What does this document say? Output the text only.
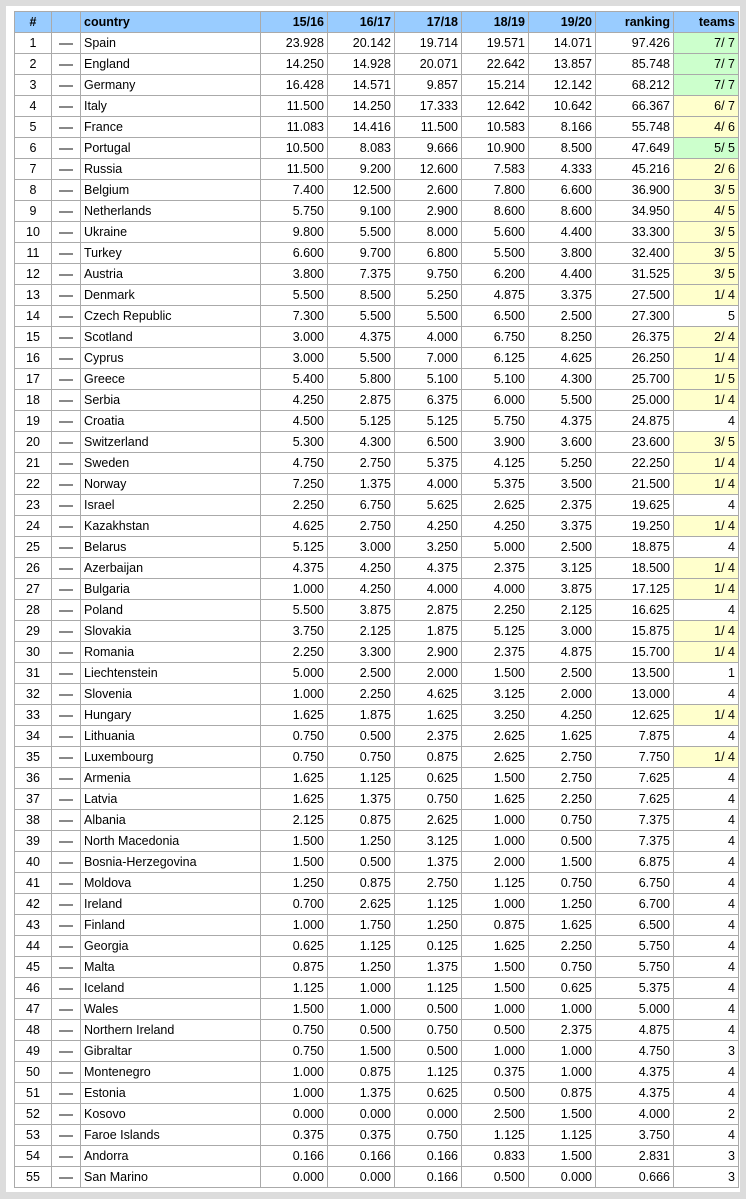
#		country	15/16	16/17	17/18	18/19	19/20	ranking	teams
1		Spain	23.928	20.142	19.714	19.571	14.071	97.426	7/ 7
2		England	14.250	14.928	20.071	22.642	13.857	85.748	7/ 7
3		Germany	16.428	14.571	9.857	15.214	12.142	68.212	7/ 7
4		Italy	11.500	14.250	17.333	12.642	10.642	66.367	6/ 7
5		France	11.083	14.416	11.500	10.583	8.166	55.748	4/ 6
6		Portugal	10.500	8.083	9.666	10.900	8.500	47.649	5/ 5
7		Russia	11.500	9.200	12.600	7.583	4.333	45.216	2/ 6
8		Belgium	7.400	12.500	2.600	7.800	6.600	36.900	3/ 5
9		Netherlands	5.750	9.100	2.900	8.600	8.600	34.950	4/ 5
10		Ukraine	9.800	5.500	8.000	5.600	4.400	33.300	3/ 5
11		Turkey	6.600	9.700	6.800	5.500	3.800	32.400	3/ 5
12		Austria	3.800	7.375	9.750	6.200	4.400	31.525	3/ 5
13		Denmark	5.500	8.500	5.250	4.875	3.375	27.500	1/ 4
14		Czech Republic	7.300	5.500	5.500	6.500	2.500	27.300	5
15		Scotland	3.000	4.375	4.000	6.750	8.250	26.375	2/ 4
16		Cyprus	3.000	5.500	7.000	6.125	4.625	26.250	1/ 4
17		Greece	5.400	5.800	5.100	5.100	4.300	25.700	1/ 5
18		Serbia	4.250	2.875	6.375	6.000	5.500	25.000	1/ 4
19		Croatia	4.500	5.125	5.125	5.750	4.375	24.875	4
20		Switzerland	5.300	4.300	6.500	3.900	3.600	23.600	3/ 5
21		Sweden	4.750	2.750	5.375	4.125	5.250	22.250	1/ 4
22		Norway	7.250	1.375	4.000	5.375	3.500	21.500	1/ 4
23		Israel	2.250	6.750	5.625	2.625	2.375	19.625	4
24		Kazakhstan	4.625	2.750	4.250	4.250	3.375	19.250	1/ 4
25		Belarus	5.125	3.000	3.250	5.000	2.500	18.875	4
26		Azerbaijan	4.375	4.250	4.375	2.375	3.125	18.500	1/ 4
27		Bulgaria	1.000	4.250	4.000	4.000	3.875	17.125	1/ 4
28		Poland	5.500	3.875	2.875	2.250	2.125	16.625	4
29		Slovakia	3.750	2.125	1.875	5.125	3.000	15.875	1/ 4
30		Romania	2.250	3.300	2.900	2.375	4.875	15.700	1/ 4
31		Liechtenstein	5.000	2.500	2.000	1.500	2.500	13.500	1
32		Slovenia	1.000	2.250	4.625	3.125	2.000	13.000	4
33		Hungary	1.625	1.875	1.625	3.250	4.250	12.625	1/ 4
34		Lithuania	0.750	0.500	2.375	2.625	1.625	7.875	4
35		Luxembourg	0.750	0.750	0.875	2.625	2.750	7.750	1/ 4
36		Armenia	1.625	1.125	0.625	1.500	2.750	7.625	4
37		Latvia	1.625	1.375	0.750	1.625	2.250	7.625	4
38		Albania	2.125	0.875	2.625	1.000	0.750	7.375	4
39		North Macedonia	1.500	1.250	3.125	1.000	0.500	7.375	4
40		Bosnia-Herzegovina	1.500	0.500	1.375	2.000	1.500	6.875	4
41		Moldova	1.250	0.875	2.750	1.125	0.750	6.750	4
42		Ireland	0.700	2.625	1.125	1.000	1.250	6.700	4
43		Finland	1.000	1.750	1.250	0.875	1.625	6.500	4
44		Georgia	0.625	1.125	0.125	1.625	2.250	5.750	4
45		Malta	0.875	1.250	1.375	1.500	0.750	5.750	4
46		Iceland	1.125	1.000	1.125	1.500	0.625	5.375	4
47		Wales	1.500	1.000	0.500	1.000	1.000	5.000	4
48		Northern Ireland	0.750	0.500	0.750	0.500	2.375	4.875	4
49		Gibraltar	0.750	1.500	0.500	1.000	1.000	4.750	3
50		Montenegro	1.000	0.875	1.125	0.375	1.000	4.375	4
51		Estonia	1.000	1.375	0.625	0.500	0.875	4.375	4
52		Kosovo	0.000	0.000	0.000	2.500	1.500	4.000	2
53		Faroe Islands	0.375	0.375	0.750	1.125	1.125	3.750	4
54		Andorra	0.166	0.166	0.166	0.833	1.500	2.831	3
55		San Marino	0.000	0.000	0.166	0.500	0.000	0.666	3
